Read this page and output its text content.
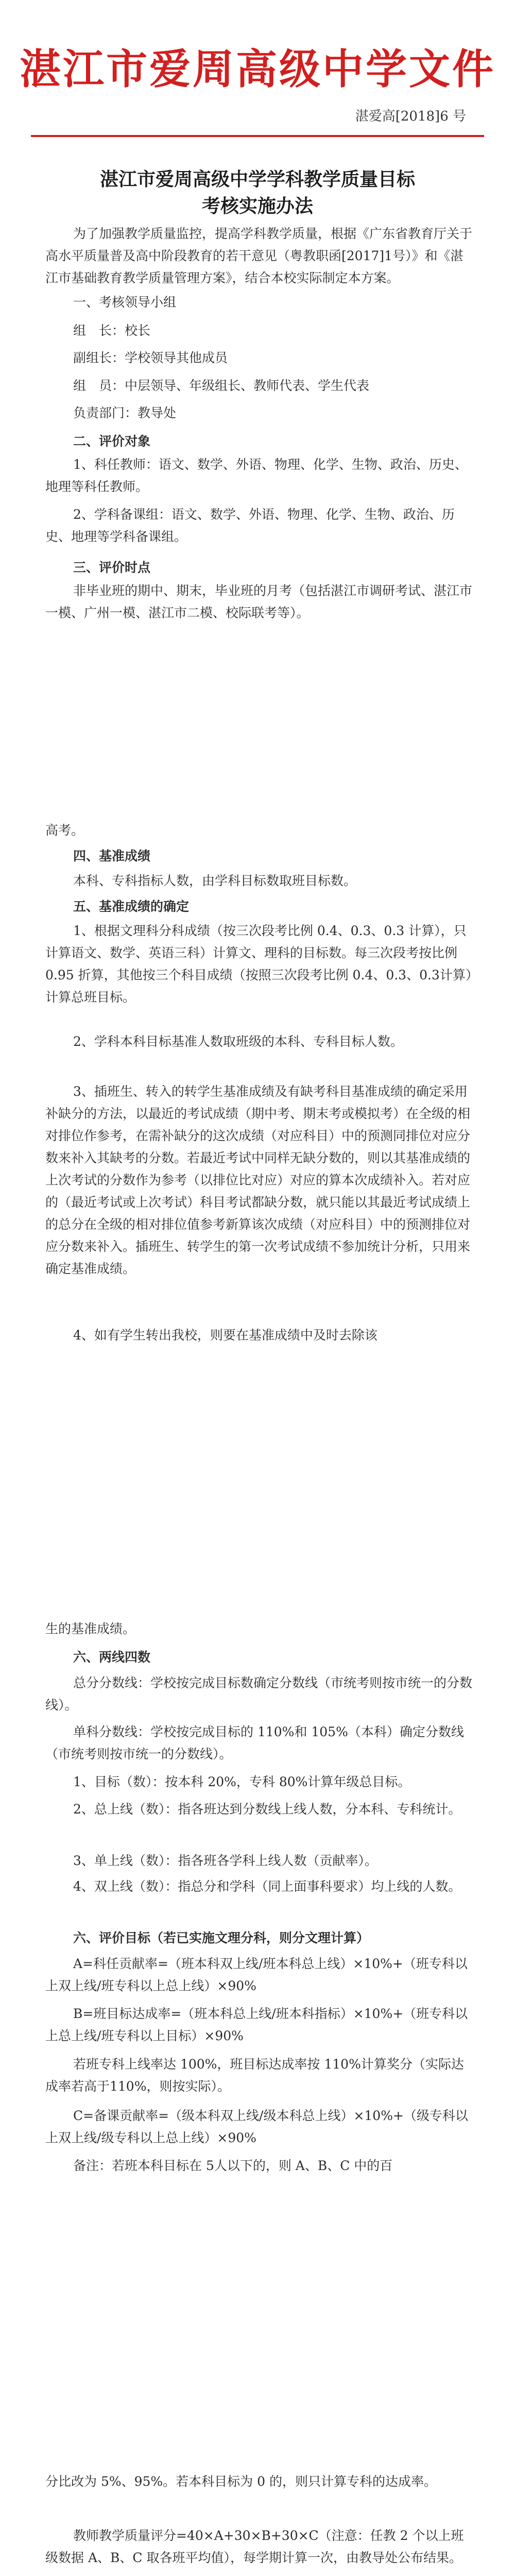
湛江市爱周高级中学文件
湛爱高[2018]6 号
湛江市爱周高级中学学科教学质量目标
考核实施办法

为了加强教学质量监控，提高学科教学质量，根据《广东省教育厅关于高水平质量普及高中阶段教育的若干意见（粤教职函[2017]1号）》和《湛江市基础教育教学质量管理方案》，结合本校实际制定本方案。

一、考核领导小组

组　长：校长

副组长：学校领导其他成员

组　员：中层领导、年级组长、教师代表、学生代表

负责部门：教导处

二、评价对象

1、科任教师：语文、数学、外语、物理、化学、生物、政治、历史、地理等科任教师。

2、学科备课组：语文、数学、外语、物理、化学、生物、政治、历史、地理等学科备课组。

三、评价时点

非毕业班的期中、期末，毕业班的月考（包括湛江市调研考试、湛江市一模、广州一模、湛江市二模、校际联考等）。

高考。

四、基准成绩

本科、专科指标人数，由学科目标数取班目标数。

五、基准成绩的确定

1、根据文理科分科成绩（按三次段考比例 0.4、0.3、0.3 计算），只计算语文、数学、英语三科）计算文、理科的目标数。每三次段考按比例 0.95 折算，其他按三个科目成绩（按照三次段考比例 0.4、0.3、0.3计算）计算总班目标。

2、学科本科目标基准人数取班级的本科、专科目标人数。

3、插班生、转入的转学生基准成绩及有缺考科目基准成绩的确定采用补缺分的方法，以最近的考试成绩（期中考、期末考或模拟考）在全级的相对排位作参考，在需补缺分的这次成绩（对应科目）中的预测同排位对应分数来补入其缺考的分数。若最近考试中同样无缺分数的，则以其基准成绩的上次考试的分数作为参考（以排位比对应）对应的算本次成绩补入。若对应的（最近考试或上次考试）科目考试都缺分数，就只能以其最近考试成绩上的总分在全级的相对排位值参考新算该次成绩（对应科目）中的预测排位对应分数来补入。插班生、转学生的第一次考试成绩不参加统计分析，只用来确定基准成绩。

4、如有学生转出我校，则要在基准成绩中及时去除该

生的基准成绩。

六、两线四数

总分分数线：学校按完成目标数确定分数线（市统考则按市统一的分数线）。

单科分数线：学校按完成目标的 110%和 105%（本科）确定分数线（市统考则按市统一的分数线）。

1、目标（数）：按本科 20%，专科 80%计算年级总目标。

2、总上线（数）：指各班达到分数线上线人数，分本科、专科统计。

3、单上线（数）：指各班各学科上线人数（贡献率）。

4、双上线（数）：指总分和学科（同上面事科要求）均上线的人数。

六、评价目标（若已实施文理分科，则分文理计算）

A=科任贡献率=（班本科双上线/班本科总上线）×10%+（班专科以上双上线/班专科以上总上线）×90%

B=班目标达成率=（班本科总上线/班本科指标）×10%+（班专科以上总上线/班专科以上目标）×90%

若班专科上线率达 100%，班目标达成率按 110%计算奖分（实际达成率若高于110%，则按实际）。

C=备课贡献率=（级本科双上线/级本科总上线）×10%+（级专科以上双上线/级专科以上总上线）×90%

备注：若班本科目标在 5人以下的，则 A、B、C 中的百

分比改为 5%、95%。若本科目标为 0 的，则只计算专科的达成率。

教师教学质量评分=40×A+30×B+30×C（注意：任教 2 个以上班级数据 A、B、C 取各班平均值），每学期计算一次，由教导处公布结果。
